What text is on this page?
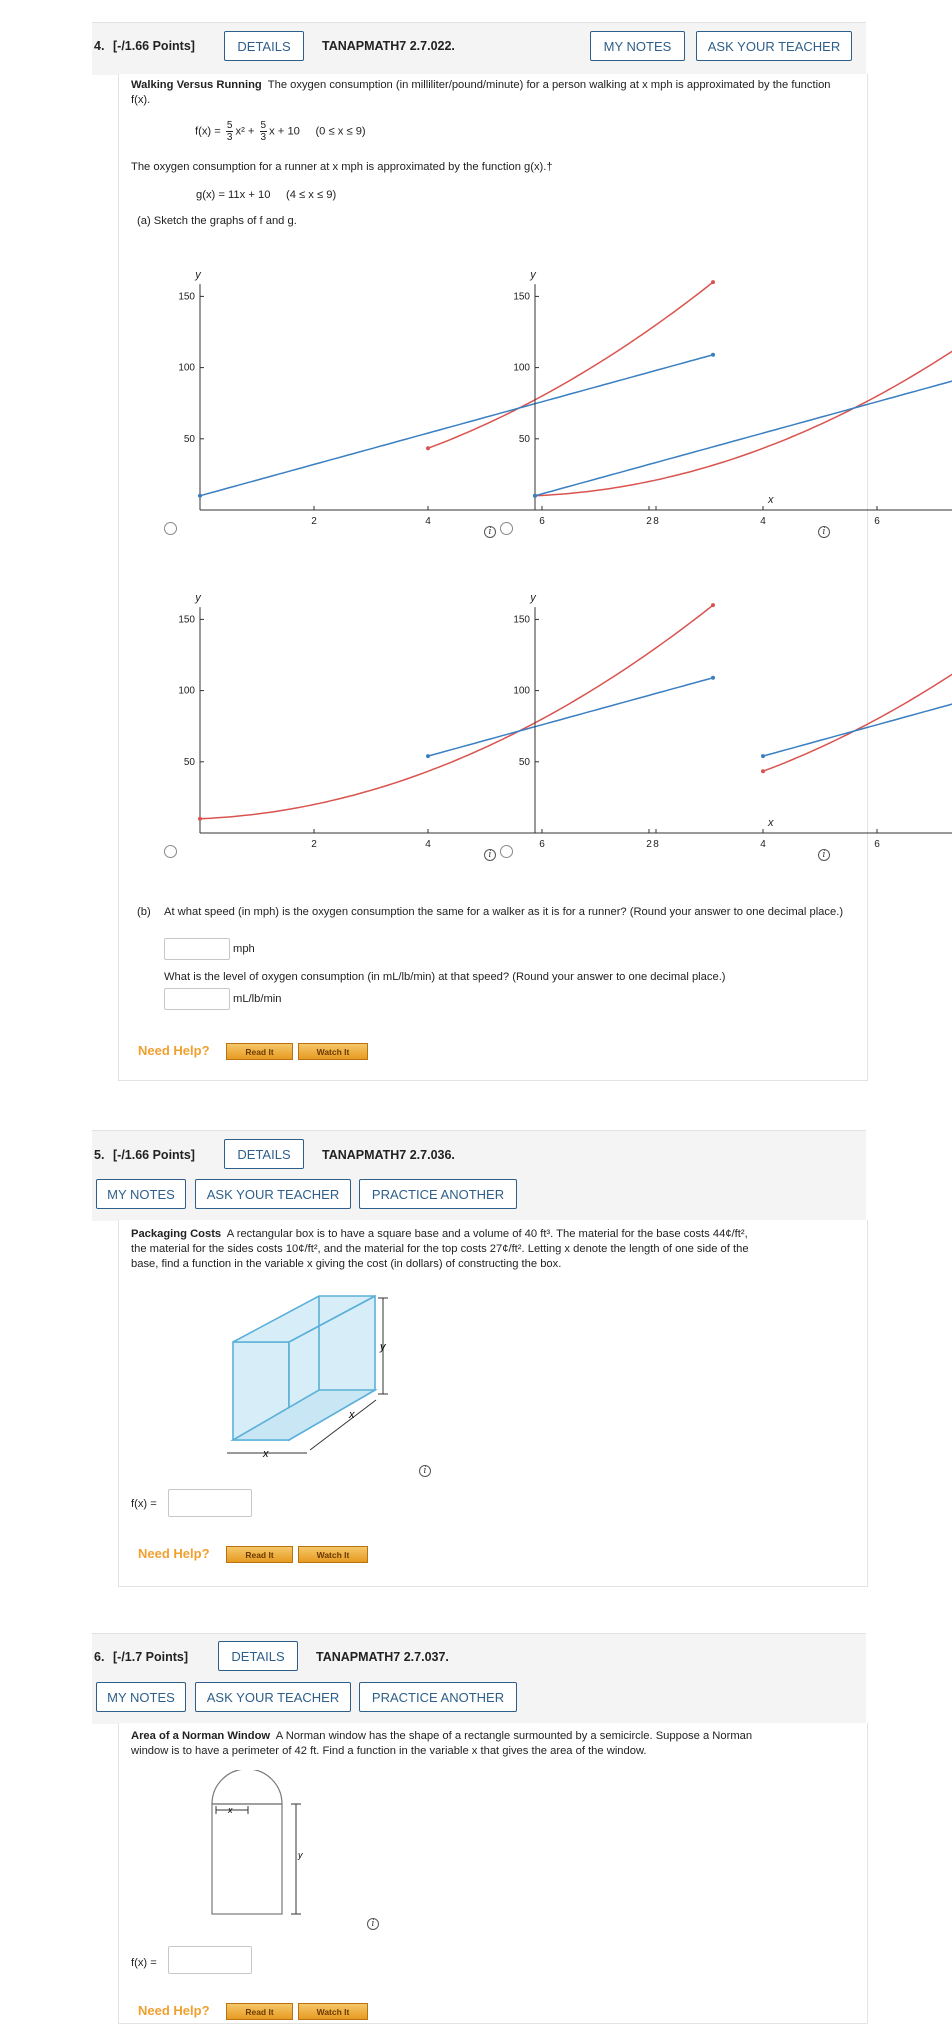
4. [-/1.66 Points]	DETAILS	TANAPMATH7 2.7.022.	MY NOTES	ASK YOUR TEACHER
Walking Versus Running The oxygen consumption (in milliliter/pound/minute) for a person walking at x mph is approximated by the function f(x).
$f(x) = \frac{5}{3} x^2 + \frac{5}{3}$ x + 10 (0 ≤ x ≤ 9)
The oxygen consumption for a runner at x mph is approximated by the function g(x).†
g(x) = 11x + 10 (4 ≤ x ≤ 9)
(a) Sketch the graphs of f and g.
y
x
2	4	6	8
50
100
150
y
2	4	6
50
100
150
y
x
2	4	6	8
50
100
150
y
2	4	6
50
100
150
i	i
i	i
(b) At what speed (in mph) is the oxygen consumption the same for a walker as it is for a runner? (Round your answer to one decimal place.)
mph
What is the level of oxygen consumption (in mL/lb/min) at that speed? (Round your answer to one decimal place.)
mL/lb/min
Need Help?	Read It	Watch It
5. [-/1.66 Points]	DETAILS	TANAPMATH7 2.7.036.
MY NOTES	ASK YOUR TEACHER	PRACTICE ANOTHER
Packaging Costs A rectangular box is to have a square base and a volume of 40 ft³. The material for the base costs 44¢/ft²,
the material for the sides costs 10¢/ft², and the material for the top costs 27¢/ft². Letting x denote the length of one side of the
base, find a function in the variable x giving the cost (in dollars) of constructing the box.
y
x
x
i
f(x) =
Need Help?	Read It	Watch It
6. [-/1.7 Points]	DETAILS	TANAPMATH7 2.7.037.
MY NOTES	ASK YOUR TEACHER	PRACTICE ANOTHER
Area of a Norman Window A Norman window has the shape of a rectangle surmounted by a semicircle. Suppose a Norman
window is to have a perimeter of 42 ft. Find a function in the variable x that gives the area of the window.
x
y
i
f(x) =
Need Help?	Read It	Watch It
